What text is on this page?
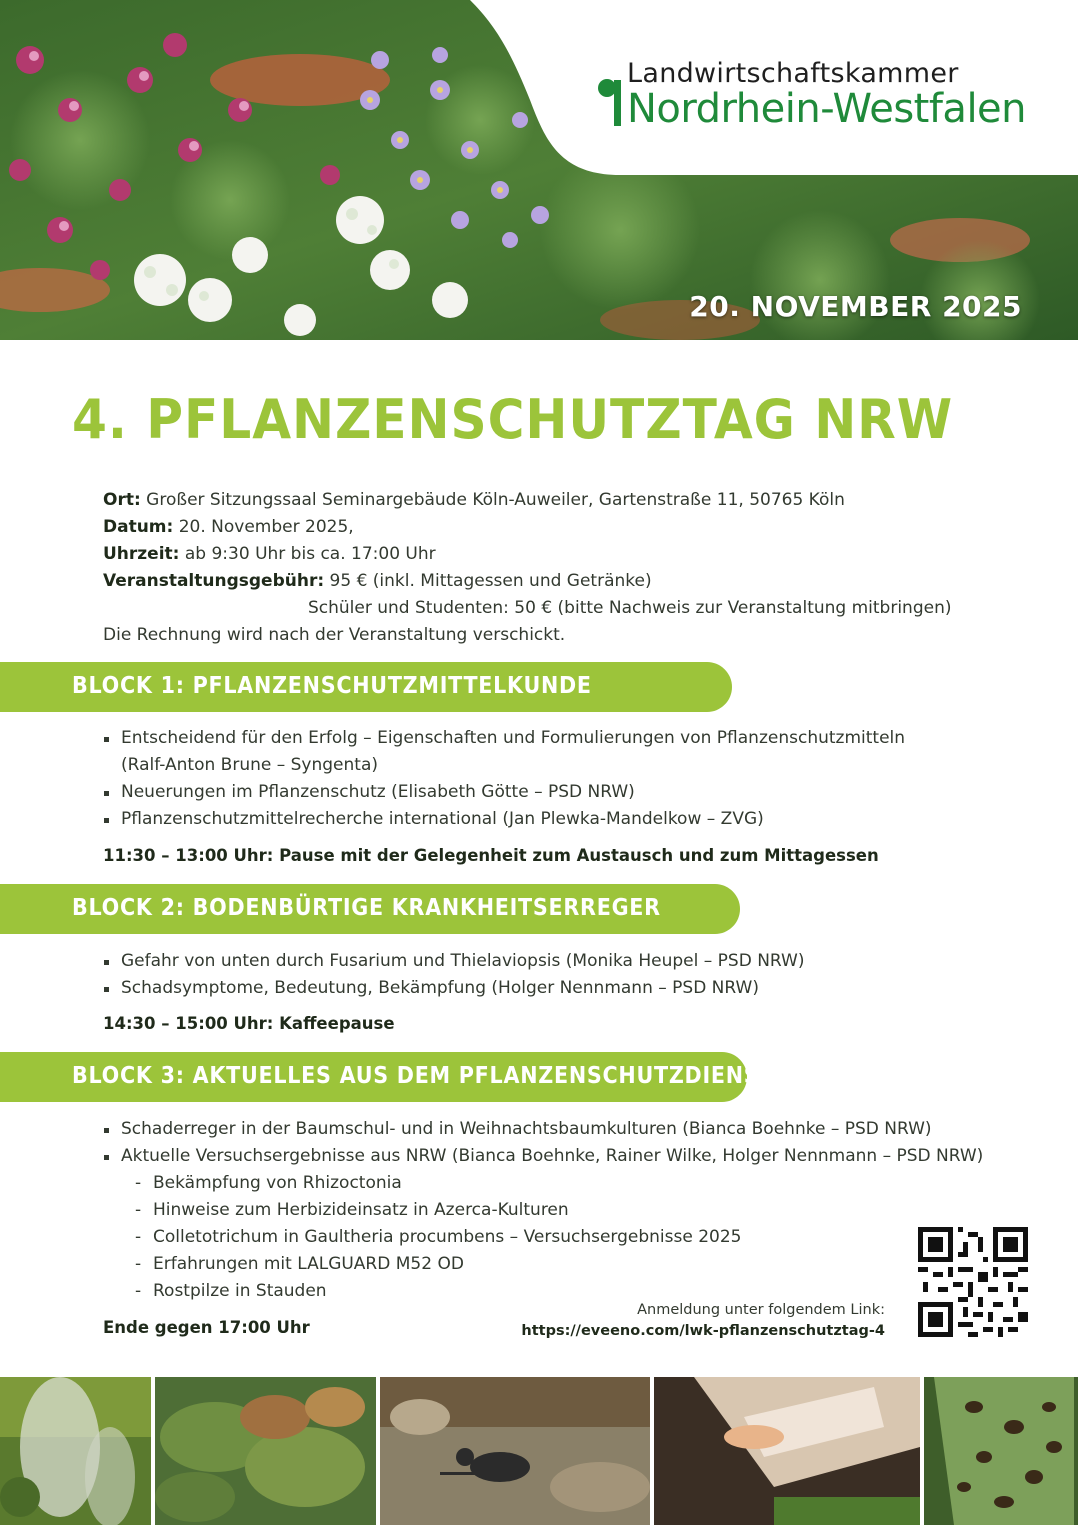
Landwirtschaftskammer
Nordrhein-Westfalen
20. NOVEMBER 2025
4. PFLANZENSCHUTZTAG NRW
Ort: Großer Sitzungssaal Seminargebäude Köln-Auweiler, Gartenstraße 11, 50765 Köln
Datum: 20. November 2025,
Uhrzeit: ab 9:30 Uhr bis ca. 17:00 Uhr
Veranstaltungsgebühr: 95 € (inkl. Mittagessen und Getränke)
Schüler und Studenten: 50 € (bitte Nachweis zur Veranstaltung mitbringen)
Die Rechnung wird nach der Veranstaltung verschickt.
BLOCK 1: PFLANZENSCHUTZMITTELKUNDE
Entscheidend für den Erfolg – Eigenschaften und Formulierungen von Pflanzenschutzmitteln
(Ralf-Anton Brune – Syngenta)
Neuerungen im Pflanzenschutz (Elisabeth Götte – PSD NRW)
Pflanzenschutzmittelrecherche international (Jan Plewka-Mandelkow – ZVG)
11:30 – 13:00 Uhr: Pause mit der Gelegenheit zum Austausch und zum Mittagessen
BLOCK 2: BODENBÜRTIGE KRANKHEITSERREGER
Gefahr von unten durch Fusarium und Thielaviopsis (Monika Heupel – PSD NRW)
Schadsymptome, Bedeutung, Bekämpfung (Holger Nennmann – PSD NRW)
14:30 – 15:00 Uhr: Kaffeepause
BLOCK 3: AKTUELLES AUS DEM PFLANZENSCHUTZDIENST
Schaderreger in der Baumschul- und in Weihnachtsbaumkulturen (Bianca Boehnke – PSD NRW)
Aktuelle Versuchsergebnisse aus NRW (Bianca Boehnke, Rainer Wilke, Holger Nennmann – PSD NRW)
- Bekämpfung von Rhizoctonia
- Hinweise zum Herbizideinsatz in Azerca-Kulturen
- Colletotrichum in Gaultheria procumbens – Versuchsergebnisse 2025
- Erfahrungen mit LALGUARD M52 OD
- Rostpilze in Stauden
Ende gegen 17:00 Uhr
Anmeldung unter folgendem Link:
https://eveeno.com/lwk-pflanzenschutztag-4
